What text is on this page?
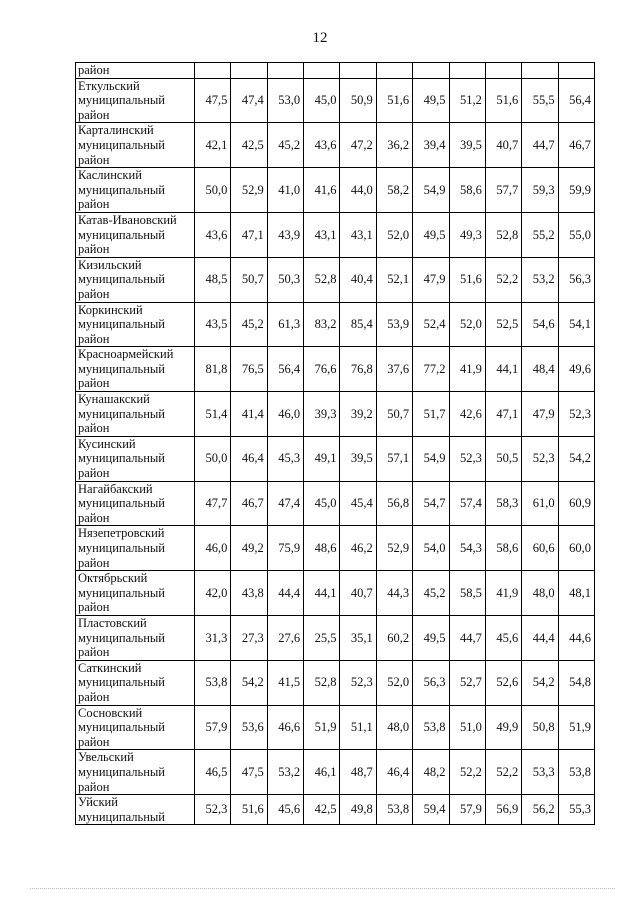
12
район											

Еткульский
муниципальный
район	47,5	47,4	53,0	45,0	50,9	51,6	49,5	51,2	51,6	55,5	56,4

Карталинский
муниципальный
район	42,1	42,5	45,2	43,6	47,2	36,2	39,4	39,5	40,7	44,7	46,7

Каслинский
муниципальный
район	50,0	52,9	41,0	41,6	44,0	58,2	54,9	58,6	57,7	59,3	59,9

Катав-Ивановский
муниципальный
район	43,6	47,1	43,9	43,1	43,1	52,0	49,5	49,3	52,8	55,2	55,0

Кизильский
муниципальный
район	48,5	50,7	50,3	52,8	40,4	52,1	47,9	51,6	52,2	53,2	56,3

Коркинский
муниципальный
район	43,5	45,2	61,3	83,2	85,4	53,9	52,4	52,0	52,5	54,6	54,1

Красноармейский
муниципальный
район	81,8	76,5	56,4	76,6	76,8	37,6	77,2	41,9	44,1	48,4	49,6

Кунашакский
муниципальный
район	51,4	41,4	46,0	39,3	39,2	50,7	51,7	42,6	47,1	47,9	52,3

Кусинский
муниципальный
район	50,0	46,4	45,3	49,1	39,5	57,1	54,9	52,3	50,5	52,3	54,2

Нагайбакский
муниципальный
район	47,7	46,7	47,4	45,0	45,4	56,8	54,7	57,4	58,3	61,0	60,9

Нязепетровский
муниципальный
район	46,0	49,2	75,9	48,6	46,2	52,9	54,0	54,3	58,6	60,6	60,0

Октябрьский
муниципальный
район	42,0	43,8	44,4	44,1	40,7	44,3	45,2	58,5	41,9	48,0	48,1

Пластовский
муниципальный
район	31,3	27,3	27,6	25,5	35,1	60,2	49,5	44,7	45,6	44,4	44,6

Саткинский
муниципальный
район	53,8	54,2	41,5	52,8	52,3	52,0	56,3	52,7	52,6	54,2	54,8

Сосновский
муниципальный
район	57,9	53,6	46,6	51,9	51,1	48,0	53,8	51,0	49,9	50,8	51,9

Увельский
муниципальный
район	46,5	47,5	53,2	46,1	48,7	46,4	48,2	52,2	52,2	53,3	53,8

Уйский
муниципальный	52,3	51,6	45,6	42,5	49,8	53,8	59,4	57,9	56,9	56,2	55,3
